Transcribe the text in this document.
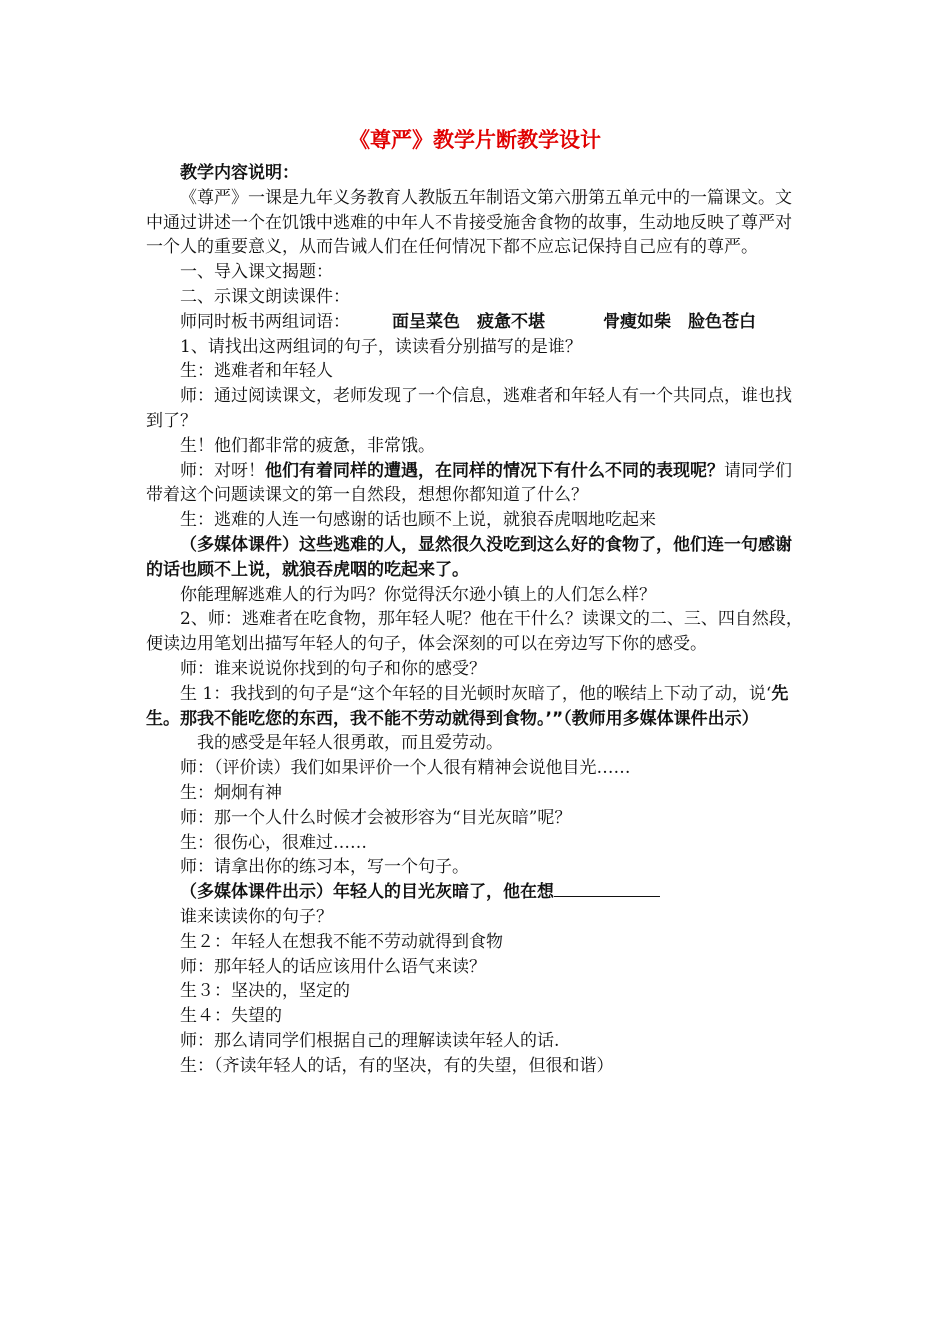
《尊严》教学片断教学设计

教学内容说明：

《尊严》一课是九年义务教育人教版五年制语文第六册第五单元中的一篇课文。文中通过讲述一个在饥饿中逃难的中年人不肯接受施舍食物的故事，生动地反映了尊严对一个人的重要意义，从而告诫人们在任何情况下都不应忘记保持自己应有的尊严。

一、导入课文揭题：

二、示课文朗读课件：

师同时板书两组词语： 面呈菜色　疲惫不堪	骨瘦如柴　脸色苍白

1、请找出这两组词的句子，读读看分别描写的是谁？

生：逃难者和年轻人

师：通过阅读课文，老师发现了一个信息，逃难者和年轻人有一个共同点，谁也找到了？

生！他们都非常的疲惫，非常饿。

师：对呀！他们有着同样的遭遇，在同样的情况下有什么不同的表现呢？请同学们带着这个问题读课文的第一自然段，想想你都知道了什么？

生：逃难的人连一句感谢的话也顾不上说，就狼吞虎咽地吃起来

（多媒体课件）这些逃难的人，显然很久没吃到这么好的食物了，他们连一句感谢的话也顾不上说，就狼吞虎咽的吃起来了。

你能理解逃难人的行为吗？你觉得沃尔逊小镇上的人们怎么样？

2、师：逃难者在吃食物，那年轻人呢？他在干什么？读课文的二、三、四自然段，便读边用笔划出描写年轻人的句子，体会深刻的可以在旁边写下你的感受。

师：谁来说说你找到的句子和你的感受？

生 1：我找到的句子是“这个年轻的目光顿时灰暗了，他的喉结上下动了动，说‘先生。那我不能吃您的东西，我不能不劳动就得到食物。’”（教师用多媒体课件出示）

我的感受是年轻人很勇敢，而且爱劳动。

师：（评价读）我们如果评价一个人很有精神会说他目光……

生：炯炯有神

师：那一个人什么时候才会被形容为“目光灰暗”呢？

生：很伤心，很难过……

师：请拿出你的练习本，写一个句子。

（多媒体课件出示）年轻人的目光灰暗了，他在想

谁来读读你的句子？

生２：年轻人在想我不能不劳动就得到食物

师：那年轻人的话应该用什么语气来读？

生３：坚决的，坚定的

生４：失望的

师：那么请同学们根据自己的理解读读年轻人的话.

生：（齐读年轻人的话，有的坚决，有的失望，但很和谐）
